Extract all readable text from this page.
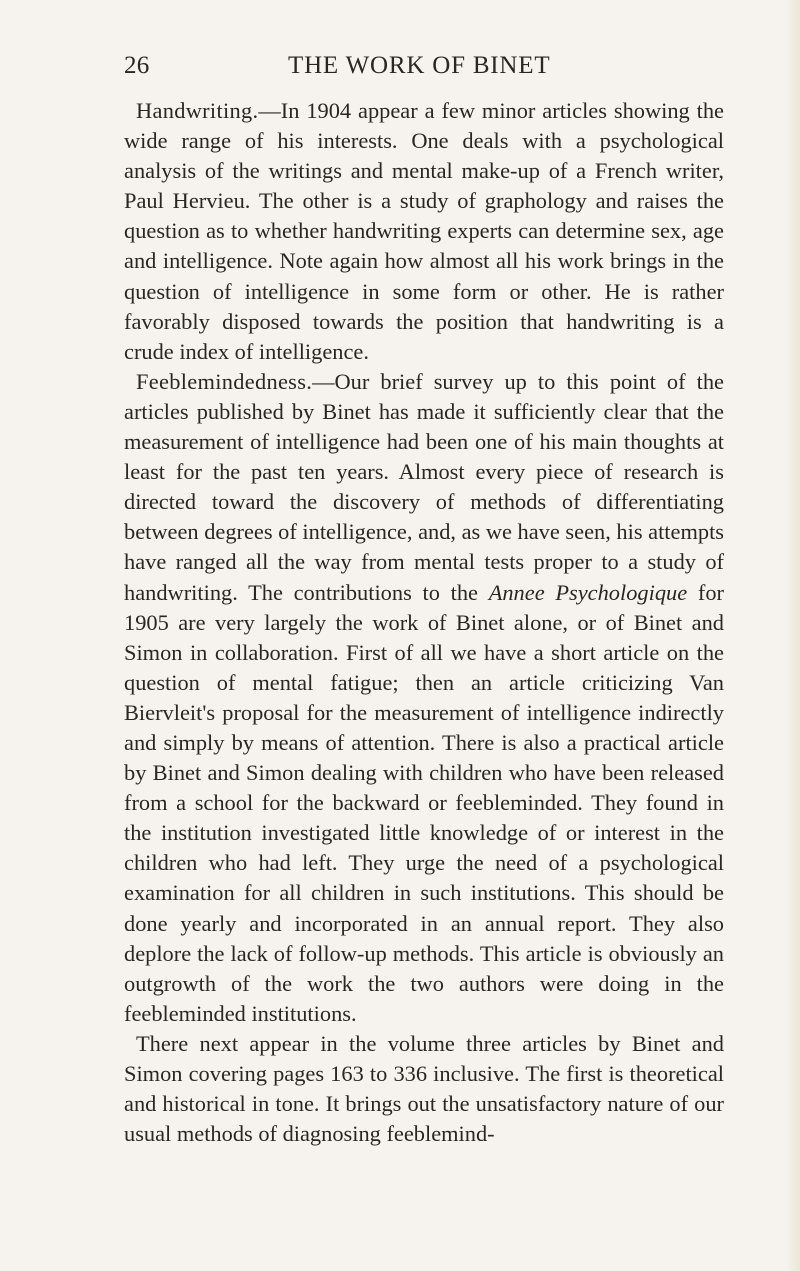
26	THE WORK OF BINET

Handwriting.—In 1904 appear a few minor articles showing the wide range of his interests. One deals with a psychological analysis of the writings and mental make-up of a French writer, Paul Hervieu. The other is a study of graphology and raises the question as to whether handwriting experts can determine sex, age and intelligence. Note again how almost all his work brings in the question of intelligence in some form or other. He is rather favorably disposed towards the position that handwriting is a crude index of intelligence.

Feeblemindedness.—Our brief survey up to this point of the articles published by Binet has made it sufficiently clear that the measurement of intelligence had been one of his main thoughts at least for the past ten years. Almost every piece of research is directed toward the discovery of methods of differentiating between degrees of intelligence, and, as we have seen, his attempts have ranged all the way from mental tests proper to a study of handwriting. The contributions to the Annee Psychologique for 1905 are very largely the work of Binet alone, or of Binet and Simon in collaboration. First of all we have a short article on the question of mental fatigue; then an article criticizing Van Biervleit's proposal for the measurement of intelligence indirectly and simply by means of attention. There is also a practical article by Binet and Simon dealing with children who have been released from a school for the backward or feebleminded. They found in the institution investigated little knowledge of or interest in the children who had left. They urge the need of a psychological examination for all children in such institutions. This should be done yearly and incorporated in an annual report. They also deplore the lack of follow-up methods. This article is obviously an outgrowth of the work the two authors were doing in the feebleminded institutions.

There next appear in the volume three articles by Binet and Simon covering pages 163 to 336 inclusive. The first is theoretical and historical in tone. It brings out the unsatisfactory nature of our usual methods of diagnosing feeblemind-
